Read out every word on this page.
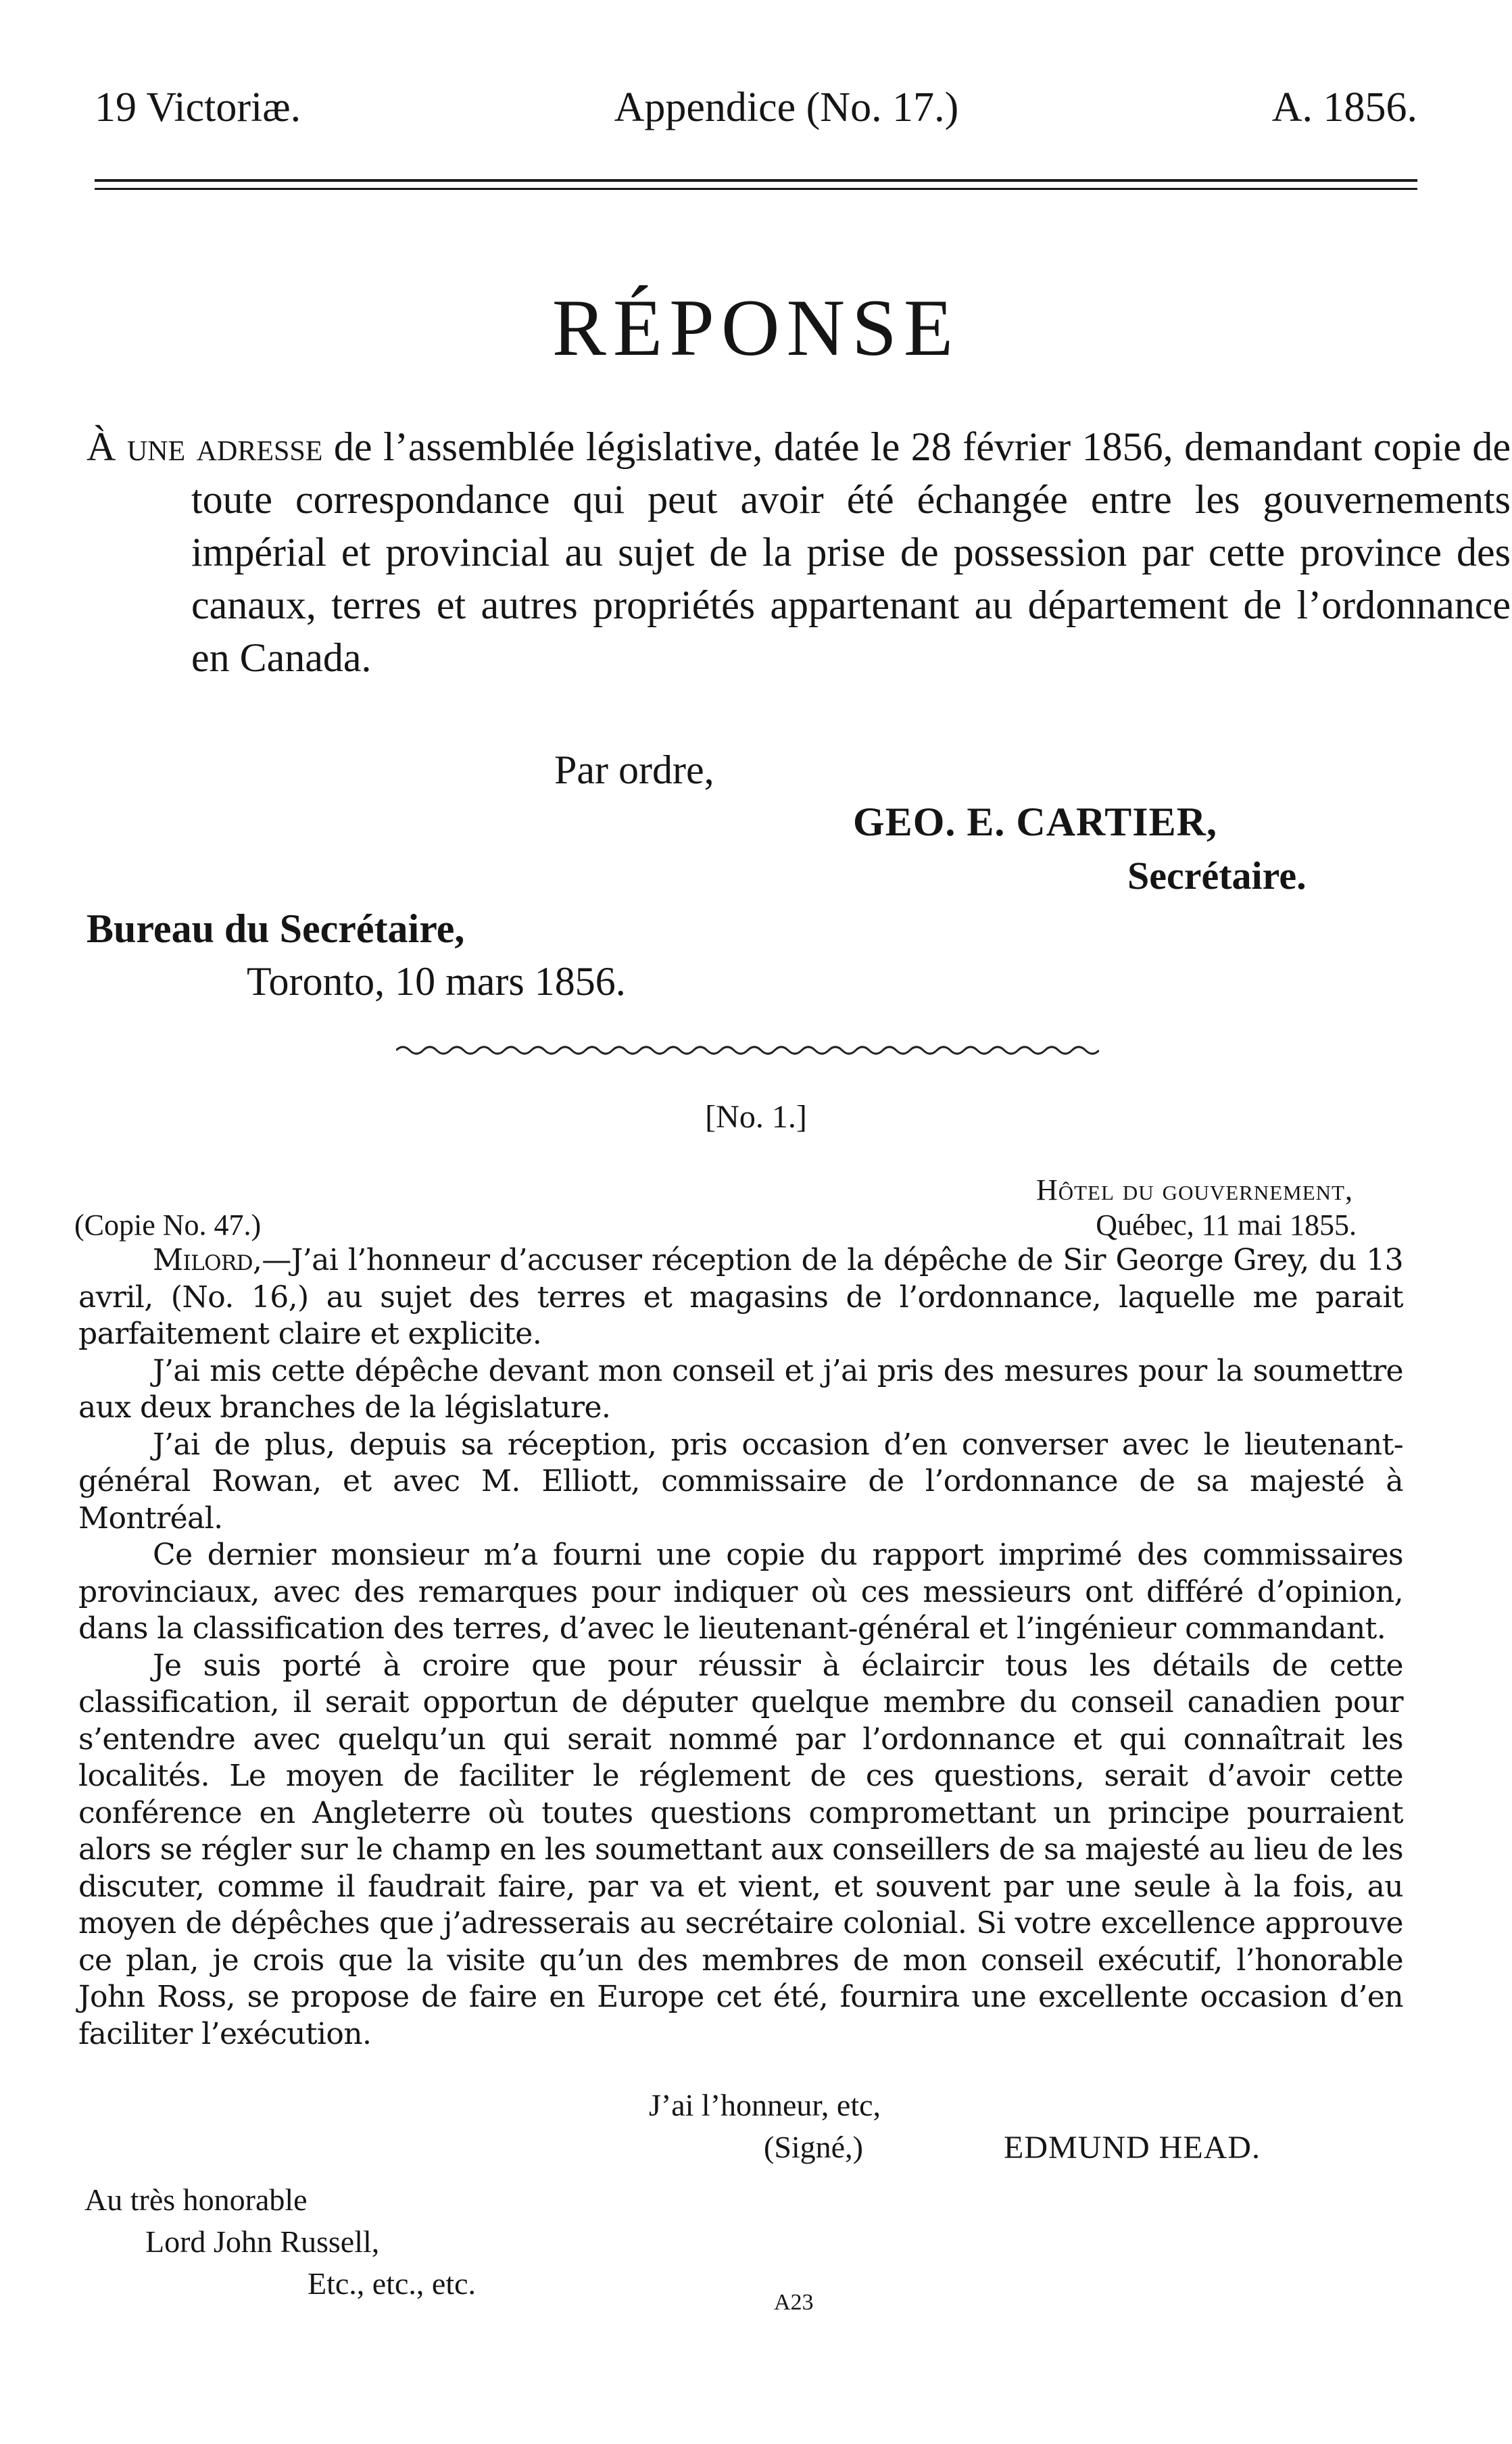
19 Victoriæ.	Appendice (No. 17.)	A. 1856.
RÉPONSE
À une adresse de l’assemblée législative, datée le 28 février 1856, demandant copie de toute correspondance qui peut avoir été échangée entre les gouvernements impérial et provincial au sujet de la prise de possession par cette province des canaux, terres et autres propriétés appartenant au département de l’ordonnance en Canada.
Par ordre,
GEO. E. CARTIER,
Secrétaire.
Bureau du Secrétaire,
Toronto, 10 mars 1856.
[No. 1.]
Hôtel du gouvernement,
(Copie No. 47.)	Québec, 11 mai 1855.

Milord,—J’ai l’honneur d’accuser réception de la dépêche de Sir George Grey, du 13 avril, (No. 16,) au sujet des terres et magasins de l’ordonnance, laquelle me parait parfaitement claire et explicite.

J’ai mis cette dépêche devant mon conseil et j’ai pris des mesures pour la soumettre aux deux branches de la législature.

J’ai de plus, depuis sa réception, pris occasion d’en converser avec le lieutenant-général Rowan, et avec M. Elliott, commissaire de l’ordonnance de sa majesté à Montréal.

Ce dernier monsieur m’a fourni une copie du rapport imprimé des commissaires provinciaux, avec des remarques pour indiquer où ces messieurs ont différé d’opinion, dans la classification des terres, d’avec le lieutenant-général et l’ingénieur commandant.

Je suis porté à croire que pour réussir à éclaircir tous les détails de cette classification, il serait opportun de députer quelque membre du conseil canadien pour s’entendre avec quelqu’un qui serait nommé par l’ordonnance et qui connaîtrait les localités. Le moyen de faciliter le réglement de ces questions, serait d’avoir cette conférence en Angleterre où toutes questions compromettant un principe pourraient alors se régler sur le champ en les soumettant aux conseillers de sa majesté au lieu de les discuter, comme il faudrait faire, par va et vient, et souvent par une seule à la fois, au moyen de dépêches que j’adresserais au secrétaire colonial. Si votre excellence approuve ce plan, je crois que la visite qu’un des membres de mon conseil exécutif, l’honorable John Ross, se propose de faire en Europe cet été, fournira une excellente occasion d’en faciliter l’exécution.

J’ai l’honneur, etc,
(Signé,)	EDMUND HEAD.
Au très honorable
Lord John Russell,
Etc., etc., etc.
A23
